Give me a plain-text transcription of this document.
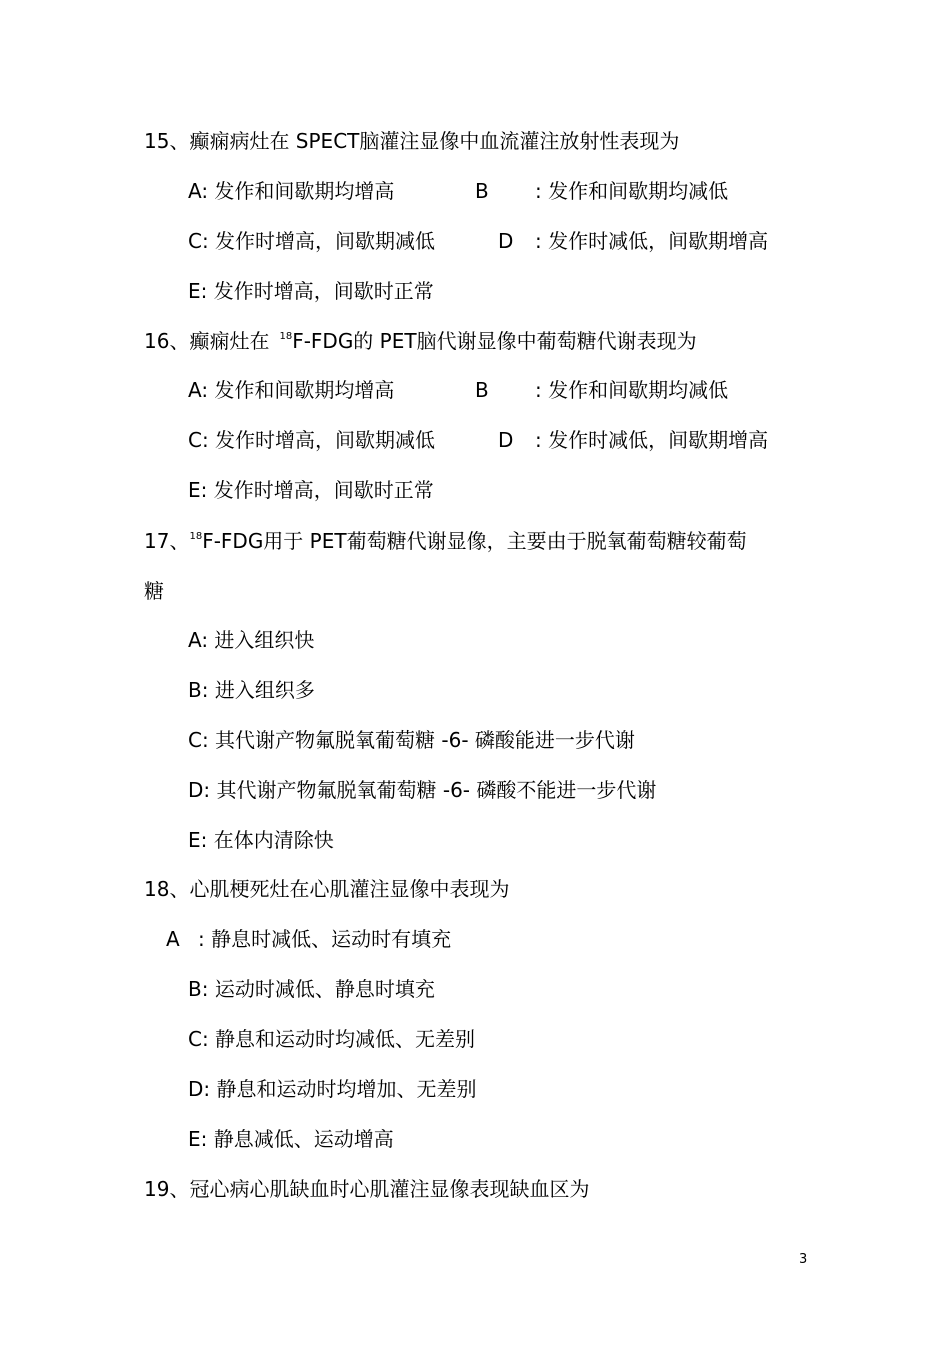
15、癫痫病灶在 SPECT脑灌注显像中血流灌注放射性表现为
A: 发作和间歇期均增高	B : 发作和间歇期均减低
C: 发作时增高，间歇期减低	D : 发作时减低，间歇期增高
E: 发作时增高，间歇时正常
16、癫痫灶在 $^{18}$F-FDG的 PET脑代谢显像中葡萄糖代谢表现为
A: 发作和间歇期均增高	B : 发作和间歇期均减低
C: 发作时增高，间歇期减低	D : 发作时减低，间歇期增高
E: 发作时增高，间歇时正常
17、$^{18}$F-FDG用于 PET葡萄糖代谢显像，主要由于脱氧葡萄糖较葡萄
糖
A: 进入组织快
B: 进入组织多
C: 其代谢产物氟脱氧葡萄糖 -6- 磷酸能进一步代谢
D: 其代谢产物氟脱氧葡萄糖 -6- 磷酸不能进一步代谢
E: 在体内清除快
18、心肌梗死灶在心肌灌注显像中表现为
A : 静息时减低、运动时有填充
B: 运动时减低、静息时填充
C: 静息和运动时均减低、无差别
D: 静息和运动时均增加、无差别
E: 静息减低、运动增高
19、冠心病心肌缺血时心肌灌注显像表现缺血区为
3
